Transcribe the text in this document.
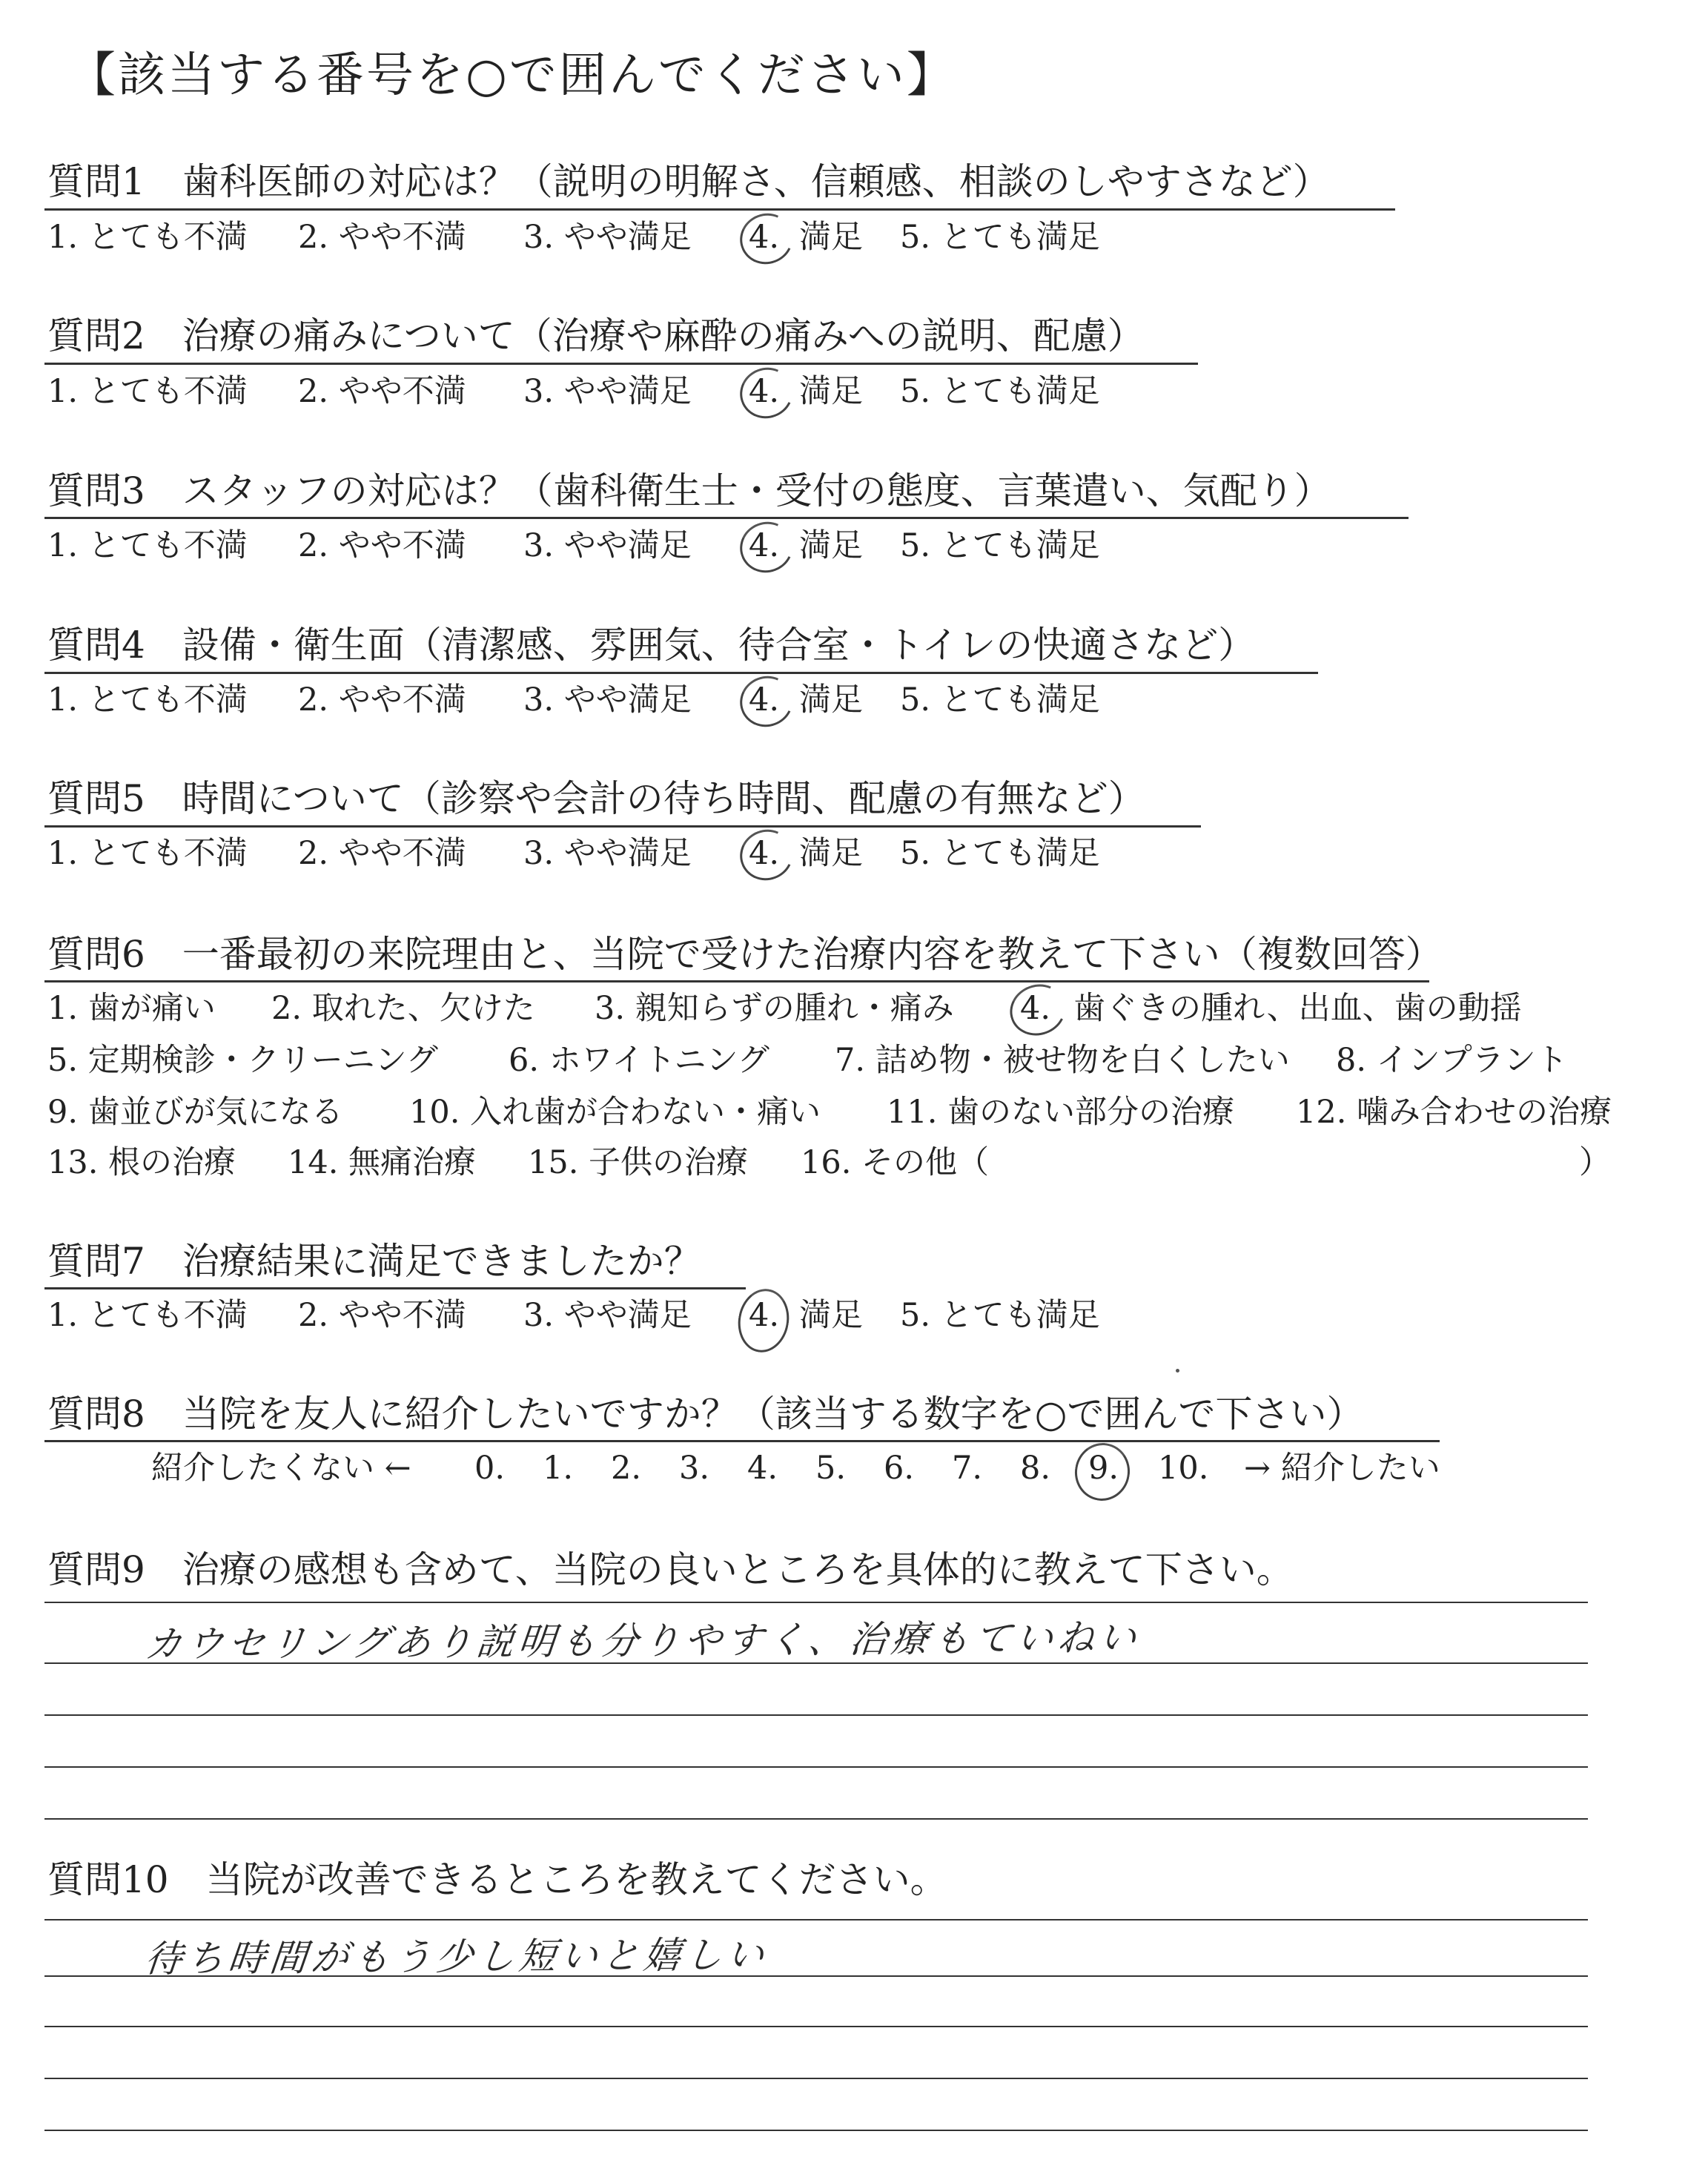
【該当する番号を○で囲んでください】
質問1　歯科医師の対応は？（説明の明解さ、信頼感、相談のしやすさなど）
1. とても不満 2. やや不満 3. やや満足 4. 満足 5. とても満足
質問2　治療の痛みについて（治療や麻酔の痛みへの説明、配慮）
1. とても不満 2. やや不満 3. やや満足 4. 満足 5. とても満足
質問3　スタッフの対応は？（歯科衛生士・受付の態度、言葉遣い、気配り）
1. とても不満 2. やや不満 3. やや満足 4. 満足 5. とても満足
質問4　設備・衛生面（清潔感、雰囲気、待合室・トイレの快適さなど）
1. とても不満 2. やや不満 3. やや満足 4. 満足 5. とても満足
質問5　時間について（診察や会計の待ち時間、配慮の有無など）
1. とても不満 2. やや不満 3. やや満足 4. 満足 5. とても満足
質問6　一番最初の来院理由と、当院で受けた治療内容を教えて下さい（複数回答）
1. 歯が痛い 2. 取れた、欠けた 3. 親知らずの腫れ・痛み 4. 歯ぐきの腫れ、出血、歯の動揺
5. 定期検診・クリーニング 6. ホワイトニング 7. 詰め物・被せ物を白くしたい 8. インプラント
9. 歯並びが気になる 10. 入れ歯が合わない・痛い 11. 歯のない部分の治療 12. 噛み合わせの治療
13. 根の治療 14. 無痛治療 15. 子供の治療 16. その他（	）
質問7　治療結果に満足できましたか？
1. とても不満 2. やや不満 3. やや満足 4. 満足 5. とても満足
質問8　当院を友人に紹介したいですか？（該当する数字を○で囲んで下さい）
紹介したくない ← 0. 1. 2. 3. 4. 5. 6. 7. 8. 9. 10. → 紹介したい
質問9　治療の感想も含めて、当院の良いところを具体的に教えて下さい。
カウセリングあり説明も分りやすく、治療もていねい
質問10　当院が改善できるところを教えてください。
待ち時間がもう少し短いと嬉しい
